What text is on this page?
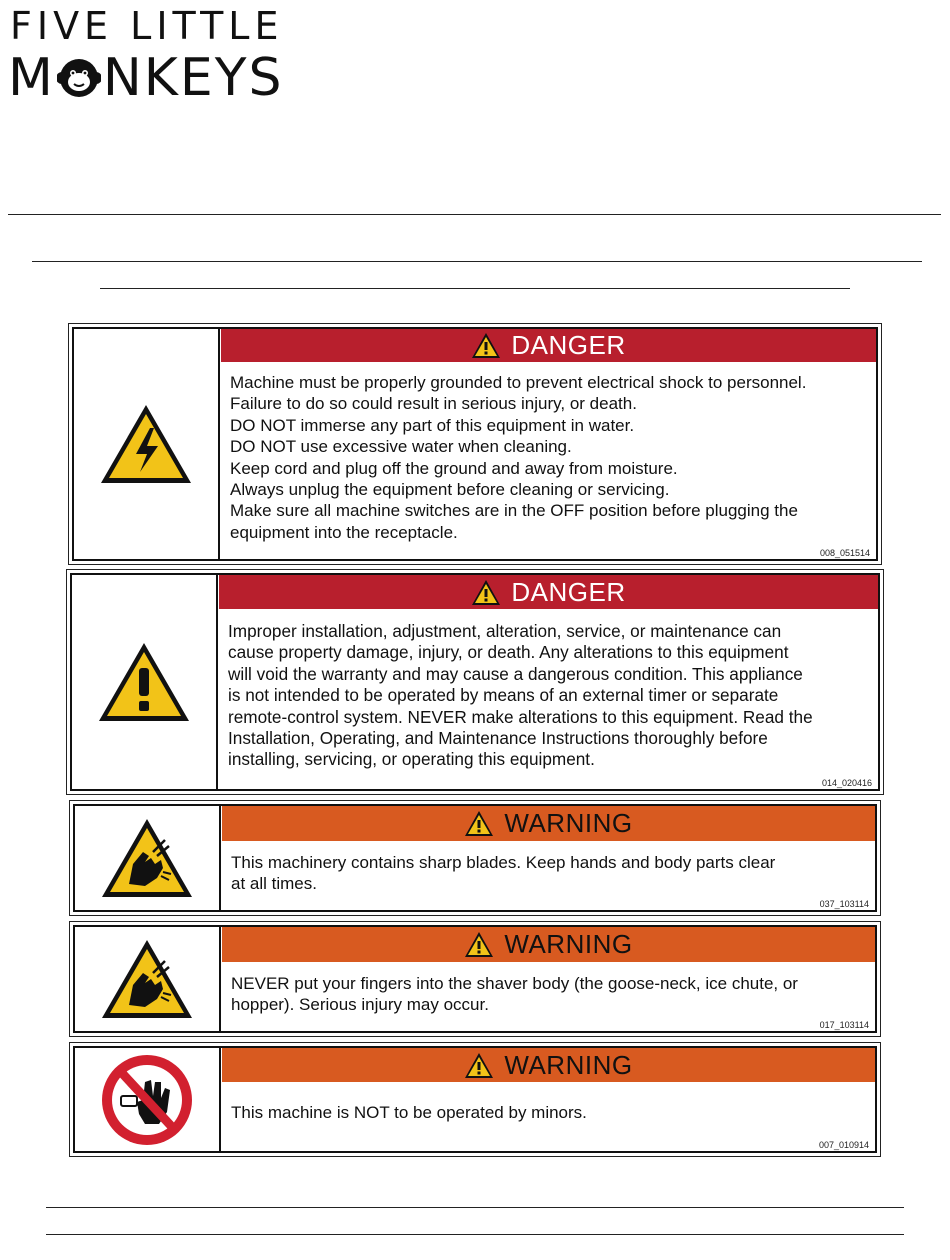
FIVE LITTLE
M NKEYS
DANGER
Machine must be properly grounded to prevent electrical shock to personnel.
Failure to do so could result in serious injury, or death.
DO NOT immerse any part of this equipment in water.
DO NOT use excessive water when cleaning.
Keep cord and plug off the ground and away from moisture.
Always unplug the equipment before cleaning or servicing.
Make sure all machine switches are in the OFF position before plugging the
equipment into the receptacle.
008_051514
DANGER
Improper installation, adjustment, alteration, service, or maintenance can
cause property damage, injury, or death. Any alterations to this equipment
will void the warranty and may cause a dangerous condition. This appliance
is not intended to be operated by means of an external timer or separate
remote-control system. NEVER make alterations to this equipment. Read the
Installation, Operating, and Maintenance Instructions thoroughly before
installing, servicing, or operating this equipment.
014_020416
WARNING
This machinery contains sharp blades. Keep hands and body parts clear
at all times.
037_103114
WARNING
NEVER put your fingers into the shaver body (the goose-neck, ice chute, or
hopper). Serious injury may occur.
017_103114
WARNING
This machine is NOT to be operated by minors.
007_010914
